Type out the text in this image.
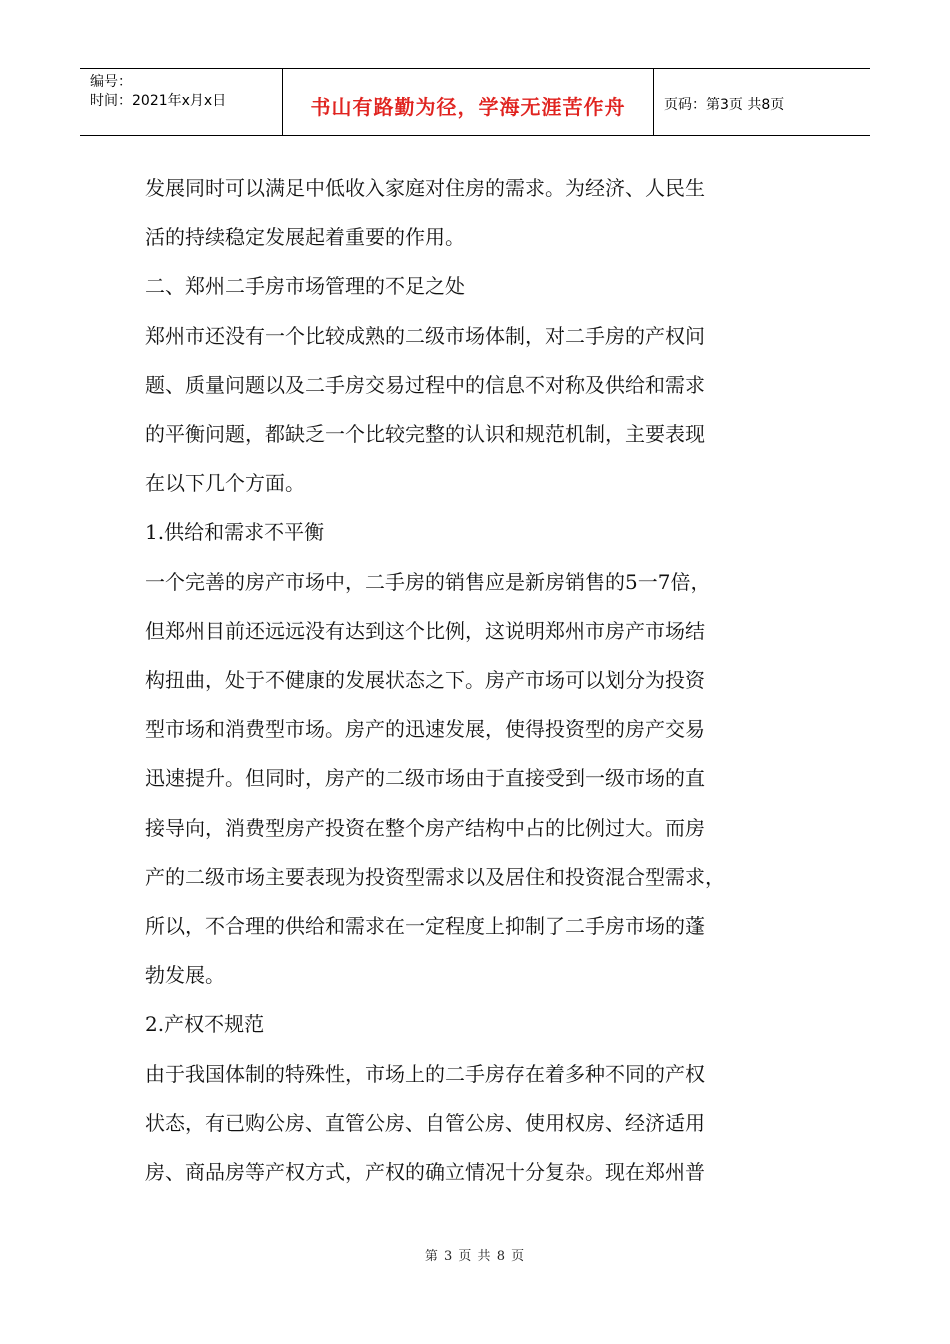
编号：
时间：2021年x月x日	书山有路勤为径，学海无涯苦作舟	页码：第3页 共8页

发展同时可以满足中低收入家庭对住房的需求。为经济、人民生

活的持续稳定发展起着重要的作用。

二、郑州二手房市场管理的不足之处

郑州市还没有一个比较成熟的二级市场体制，对二手房的产权问

题、质量问题以及二手房交易过程中的信息不对称及供给和需求

的平衡问题，都缺乏一个比较完整的认识和规范机制，主要表现

在以下几个方面。

1.供给和需求不平衡

一个完善的房产市场中，二手房的销售应是新房销售的5一7倍，

但郑州目前还远远没有达到这个比例，这说明郑州市房产市场结

构扭曲，处于不健康的发展状态之下。房产市场可以划分为投资

型市场和消费型市场。房产的迅速发展，使得投资型的房产交易

迅速提升。但同时，房产的二级市场由于直接受到一级市场的直

接导向，消费型房产投资在整个房产结构中占的比例过大。而房

产的二级市场主要表现为投资型需求以及居住和投资混合型需求，

所以，不合理的供给和需求在一定程度上抑制了二手房市场的蓬

勃发展。

2.产权不规范

由于我国体制的特殊性，市场上的二手房存在着多种不同的产权

状态，有已购公房、直管公房、自管公房、使用权房、经济适用

房、商品房等产权方式，产权的确立情况十分复杂。现在郑州普

第 3 页 共 8 页
